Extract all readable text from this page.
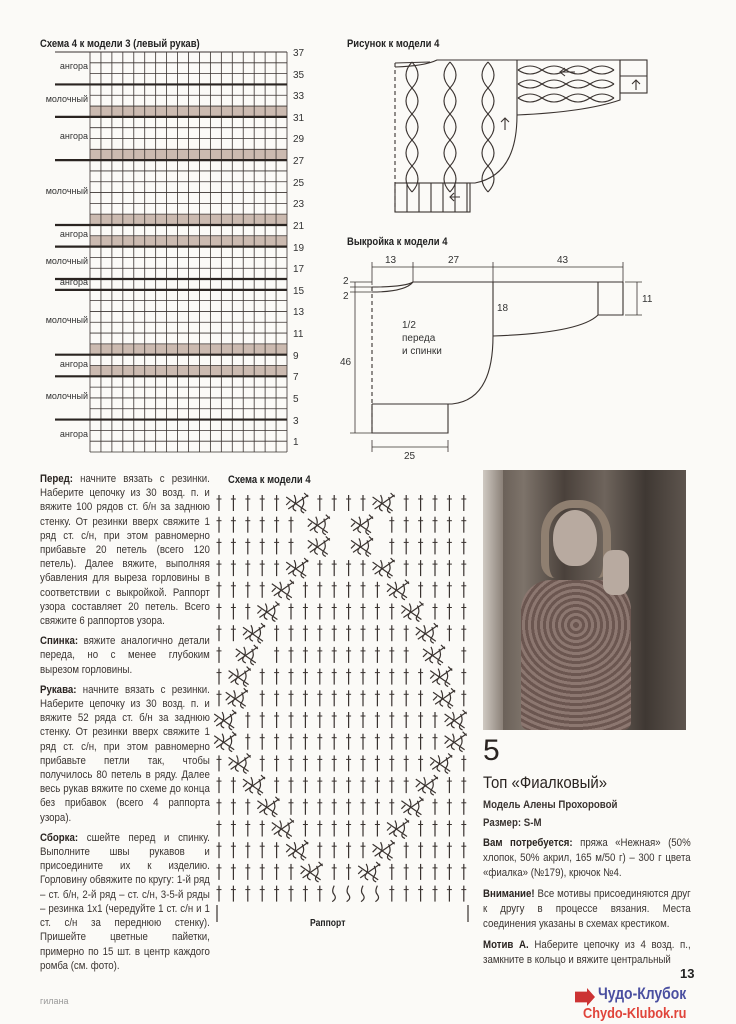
Схема 4 к модели 3 (левый рукав)
ангора
молочный
ангора
молочный
ангора
молочный
ангора
молочный
ангора
молочный
ангора
1
3
5
7
9
11
13
15
17
19
21
23
25
27
29
31
33
35
37
Рисунок к модели 4
Выкройка к модели 4
13	27	43
2
2
18
11
46
25
1/2
переда
и спинки
Схема к модели 4
Раппорт

Перед: начните вязать с резинки. Наберите цепочку из 30 возд. п. и вяжите 100 рядов ст. б/н за заднюю стенку. От резинки вверх свяжите 1 ряд ст. с/н, при этом равномерно прибавьте 20 петель (всего 120 петель). Далее вяжите, выполняя убавления для выреза горловины в соответствии с выкройкой. Раппорт узора составляет 20 петель. Всего свяжите 6 раппортов узора.

Спинка: вяжите аналогично детали переда, но с менее глубоким вырезом горловины.

Рукава: начните вязать с резинки. Наберите цепочку из 30 возд. п. и вяжите 52 ряда ст. б/н за заднюю стенку. От резинки вверх свяжите 1 ряд ст. с/н, при этом равномерно прибавьте петли так, чтобы получилось 80 петель в ряду. Далее весь рукав вяжите по схеме до конца без прибавок (всего 4 раппорта узора).

Сборка: сшейте перед и спинку. Выполните швы рукавов и присоедините их к изделию. Горловину обвяжите по кругу: 1-й ряд – ст. б/н, 2-й ряд – ст. с/н, 3-5-й ряды – резинка 1х1 (чередуйте 1 ст. с/н и 1 ст. с/н за переднюю стенку). Пришейте цветные пайетки, примерно по 15 шт. в центр каждого ромба (см. фото).

5
Топ «Фиалковый»

Модель Алены Прохоровой

Размер: S-M

Вам потребуется: пряжа «Нежная» (50% хлопок, 50% акрил, 165 м/50 г) – 300 г цвета «фиалка» (№179), крючок №4.

Внимание! Все мотивы присоединяются друг к другу в процессе вязания. Места соединения указаны в схемах крестиком.

Мотив А. Наберите цепочку из 4 возд. п., замкните в кольцо и вяжите центральный

гилана
13
Чудо-Клубок
Chydo-Klubok.ru
